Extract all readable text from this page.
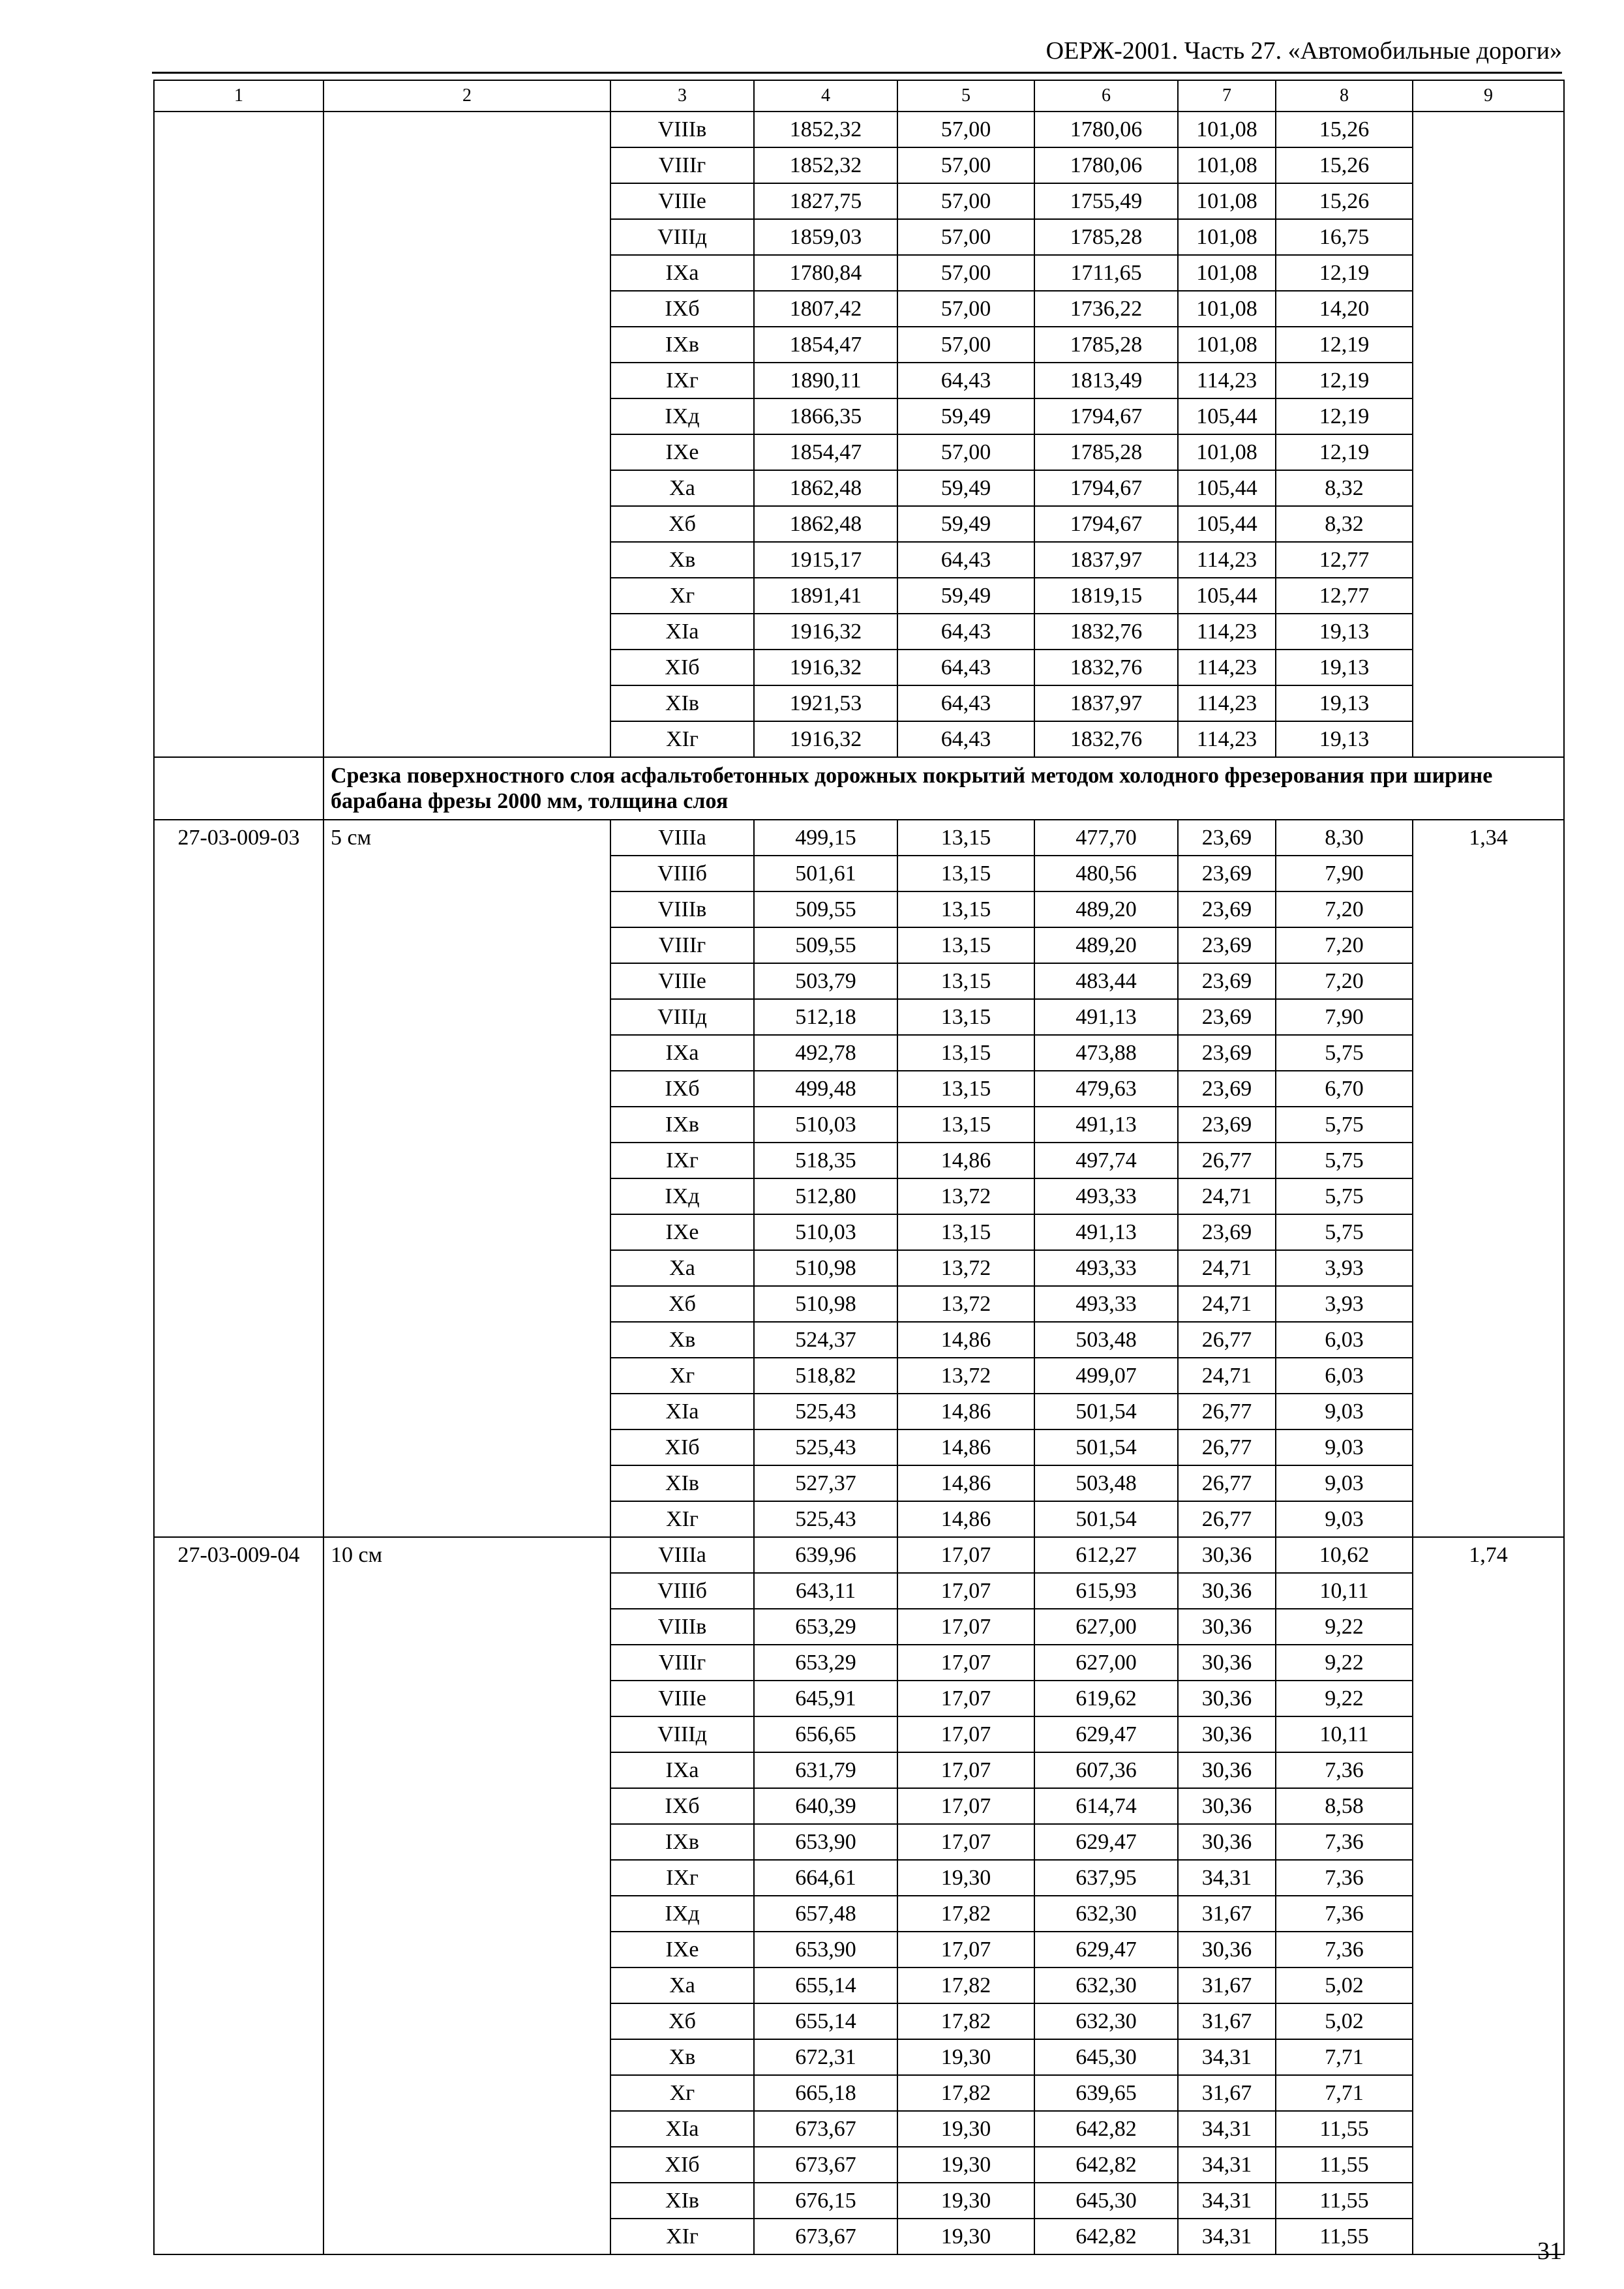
ОЕРЖ-2001. Часть 27. «Автомобильные дороги»
1	2	3	4	5	6	7	8	9
		VIIIв	1852,32	57,00	1780,06	101,08	15,26	
		VIIIг	1852,32	57,00	1780,06	101,08	15,26	
		VIIIе	1827,75	57,00	1755,49	101,08	15,26	
		VIIIд	1859,03	57,00	1785,28	101,08	16,75	
		IXа	1780,84	57,00	1711,65	101,08	12,19	
		IXб	1807,42	57,00	1736,22	101,08	14,20	
		IXв	1854,47	57,00	1785,28	101,08	12,19	
		IXг	1890,11	64,43	1813,49	114,23	12,19	
		IXд	1866,35	59,49	1794,67	105,44	12,19	
		IXе	1854,47	57,00	1785,28	101,08	12,19	
		Xа	1862,48	59,49	1794,67	105,44	8,32	
		Xб	1862,48	59,49	1794,67	105,44	8,32	
		Xв	1915,17	64,43	1837,97	114,23	12,77	
		Xг	1891,41	59,49	1819,15	105,44	12,77	
		XIа	1916,32	64,43	1832,76	114,23	19,13	
		XIб	1916,32	64,43	1832,76	114,23	19,13	
		XIв	1921,53	64,43	1837,97	114,23	19,13	
		XIг	1916,32	64,43	1832,76	114,23	19,13	
	Срезка поверхностного слоя асфальтобетонных дорожных покрытий методом холодного фрезерования при ширине барабана фрезы 2000 мм, толщина слоя							
27-03-009-03	5 см	VIIIа	499,15	13,15	477,70	23,69	8,30	1,34
		VIIIб	501,61	13,15	480,56	23,69	7,90	
		VIIIв	509,55	13,15	489,20	23,69	7,20	
		VIIIг	509,55	13,15	489,20	23,69	7,20	
		VIIIе	503,79	13,15	483,44	23,69	7,20	
		VIIIд	512,18	13,15	491,13	23,69	7,90	
		IXа	492,78	13,15	473,88	23,69	5,75	
		IXб	499,48	13,15	479,63	23,69	6,70	
		IXв	510,03	13,15	491,13	23,69	5,75	
		IXг	518,35	14,86	497,74	26,77	5,75	
		IXд	512,80	13,72	493,33	24,71	5,75	
		IXе	510,03	13,15	491,13	23,69	5,75	
		Xа	510,98	13,72	493,33	24,71	3,93	
		Xб	510,98	13,72	493,33	24,71	3,93	
		Xв	524,37	14,86	503,48	26,77	6,03	
		Xг	518,82	13,72	499,07	24,71	6,03	
		XIа	525,43	14,86	501,54	26,77	9,03	
		XIб	525,43	14,86	501,54	26,77	9,03	
		XIв	527,37	14,86	503,48	26,77	9,03	
		XIг	525,43	14,86	501,54	26,77	9,03	
27-03-009-04	10 см	VIIIа	639,96	17,07	612,27	30,36	10,62	1,74
		VIIIб	643,11	17,07	615,93	30,36	10,11	
		VIIIв	653,29	17,07	627,00	30,36	9,22	
		VIIIг	653,29	17,07	627,00	30,36	9,22	
		VIIIе	645,91	17,07	619,62	30,36	9,22	
		VIIIд	656,65	17,07	629,47	30,36	10,11	
		IXа	631,79	17,07	607,36	30,36	7,36	
		IXб	640,39	17,07	614,74	30,36	8,58	
		IXв	653,90	17,07	629,47	30,36	7,36	
		IXг	664,61	19,30	637,95	34,31	7,36	
		IXд	657,48	17,82	632,30	31,67	7,36	
		IXе	653,90	17,07	629,47	30,36	7,36	
		Xа	655,14	17,82	632,30	31,67	5,02	
		Xб	655,14	17,82	632,30	31,67	5,02	
		Xв	672,31	19,30	645,30	34,31	7,71	
		Xг	665,18	17,82	639,65	31,67	7,71	
		XIа	673,67	19,30	642,82	34,31	11,55	
		XIб	673,67	19,30	642,82	34,31	11,55	
		XIв	676,15	19,30	645,30	34,31	11,55	
		XIг	673,67	19,30	642,82	34,31	11,55	
31
